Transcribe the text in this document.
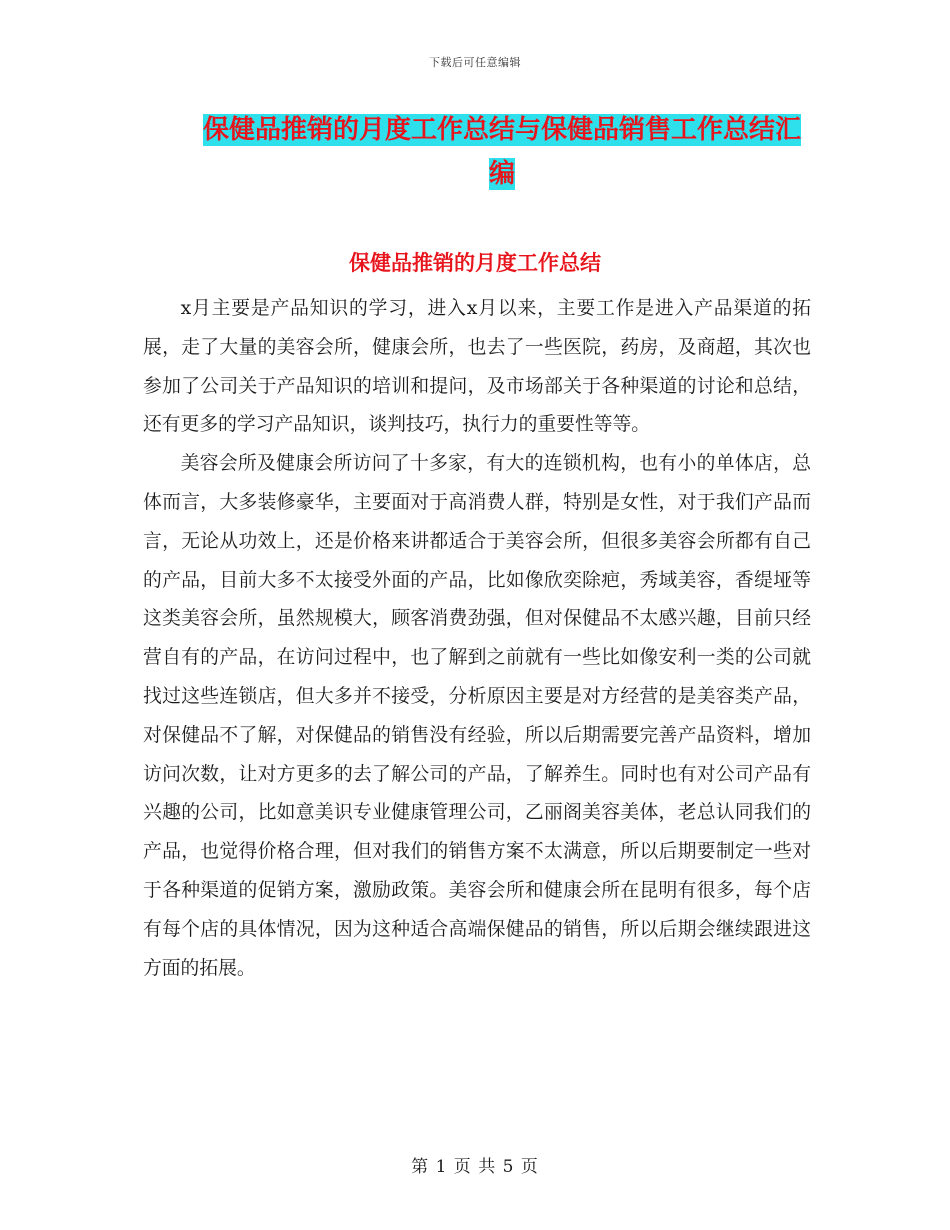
下载后可任意编辑
保健品推销的月度工作总结与保健品销售工作总结汇编
保健品推销的月度工作总结

x月主要是产品知识的学习，进入x月以来，主要工作是进入产品渠道的拓展，走了大量的美容会所，健康会所，也去了一些医院，药房，及商超，其次也参加了公司关于产品知识的培训和提问，及市场部关于各种渠道的讨论和总结，还有更多的学习产品知识，谈判技巧，执行力的重要性等等。

美容会所及健康会所访问了十多家，有大的连锁机构，也有小的单体店，总体而言，大多装修豪华，主要面对于高消费人群，特别是女性，对于我们产品而言，无论从功效上，还是价格来讲都适合于美容会所，但很多美容会所都有自己的产品，目前大多不太接受外面的产品，比如像欣奕除疤，秀域美容，香缇垭等这类美容会所，虽然规模大，顾客消费劲强，但对保健品不太感兴趣，目前只经营自有的产品，在访问过程中，也了解到之前就有一些比如像安利一类的公司就找过这些连锁店，但大多并不接受，分析原因主要是对方经营的是美容类产品，对保健品不了解，对保健品的销售没有经验，所以后期需要完善产品资料，增加访问次数，让对方更多的去了解公司的产品，了解养生。同时也有对公司产品有兴趣的公司，比如意美识专业健康管理公司，乙丽阁美容美体，老总认同我们的产品，也觉得价格合理，但对我们的销售方案不太满意，所以后期要制定一些对于各种渠道的促销方案，激励政策。美容会所和健康会所在昆明有很多，每个店有每个店的具体情况，因为这种适合高端保健品的销售，所以后期会继续跟进这方面的拓展。

第 1 页 共 5 页
